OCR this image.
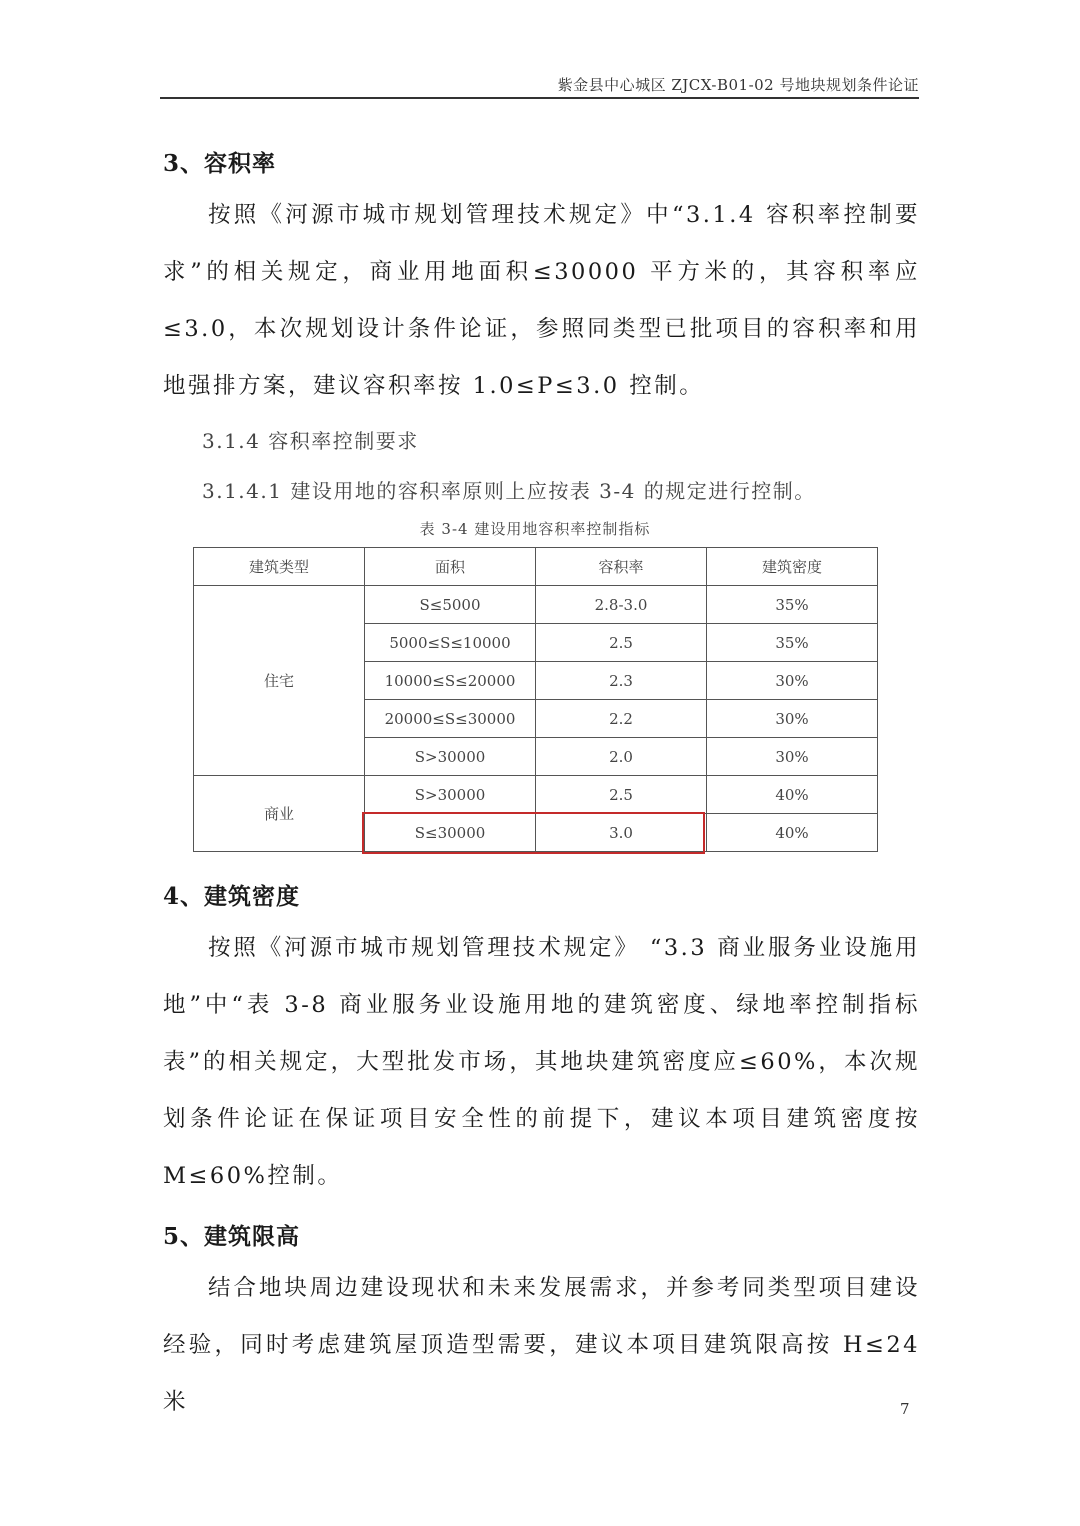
紫金县中心城区 ZJCX-B01-02 号地块规划条件论证
3、容积率
按照《河源市城市规划管理技术规定》中“3.1.4 容积率控制要求”的相关规定，商业用地面积≤30000 平方米的，其容积率应≤3.0，本次规划设计条件论证，参照同类型已批项目的容积率和用地强排方案，建议容积率按 1.0≤P≤3.0 控制。
3.1.4 容积率控制要求
3.1.4.1 建设用地的容积率原则上应按表 3-4 的规定进行控制。
表 3-4 建设用地容积率控制指标
建筑类型	面积	容积率	建筑密度
住宅	S≤5000	2.8-3.0	35%
	5000≤S≤10000	2.5	35%
	10000≤S≤20000	2.3	30%
	20000≤S≤30000	2.2	30%
	S>30000	2.0	30%
商业	S>30000	2.5	40%
	S≤30000	3.0	40%
4、建筑密度
按照《河源市城市规划管理技术规定》 “3.3 商业服务业设施用地”中“表 3-8 商业服务业设施用地的建筑密度、绿地率控制指标表”的相关规定，大型批发市场，其地块建筑密度应≤60%，本次规划条件论证在保证项目安全性的前提下，建议本项目建筑密度按 M≤60%控制。
5、建筑限高
结合地块周边建设现状和未来发展需求，并参考同类型项目建设经验，同时考虑建筑屋顶造型需要，建议本项目建筑限高按 H≤24 米	7
